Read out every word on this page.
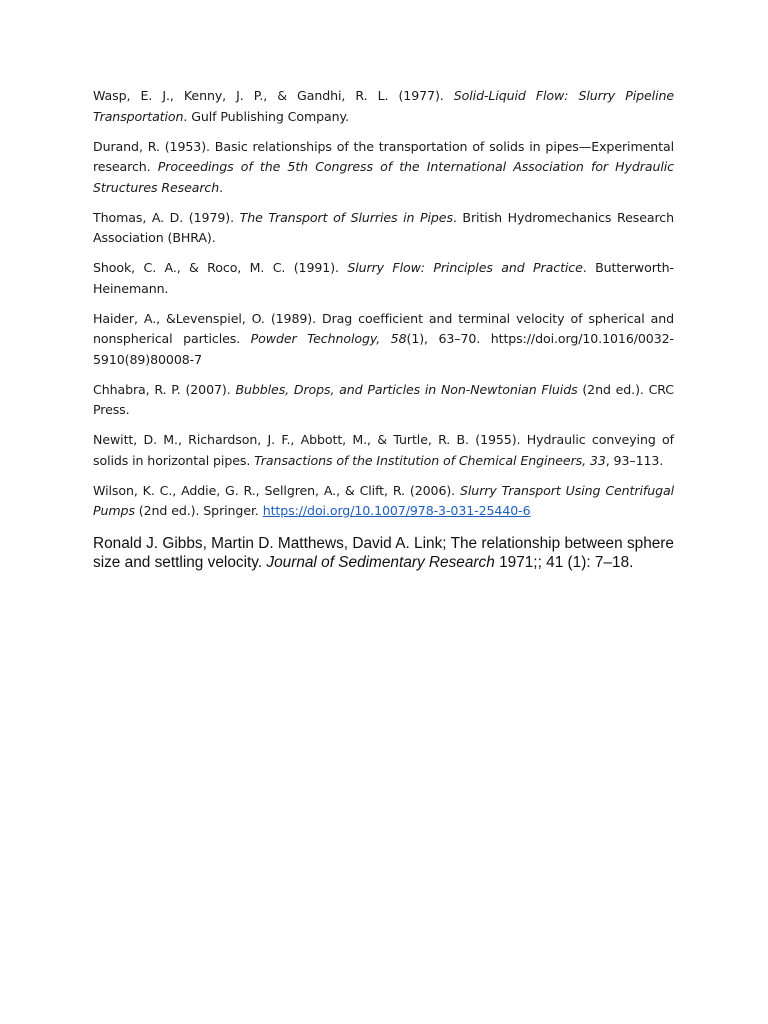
Wasp, E. J., Kenny, J. P., & Gandhi, R. L. (1977). Solid-Liquid Flow: Slurry Pipeline Transportation. Gulf Publishing Company.

Durand, R. (1953). Basic relationships of the transportation of solids in pipes—Experimental research. Proceedings of the 5th Congress of the International Association for Hydraulic Structures Research.

Thomas, A. D. (1979). The Transport of Slurries in Pipes. British Hydromechanics Research Association (BHRA).

Shook, C. A., & Roco, M. C. (1991). Slurry Flow: Principles and Practice. Butterworth-Heinemann.

Haider, A., &Levenspiel, O. (1989). Drag coefficient and terminal velocity of spherical and nonspherical particles. Powder Technology, 58(1), 63–70. https://doi.org/10.1016/0032-5910(89)80008-7

Chhabra, R. P. (2007). Bubbles, Drops, and Particles in Non-Newtonian Fluids (2nd ed.). CRC Press.

Newitt, D. M., Richardson, J. F., Abbott, M., & Turtle, R. B. (1955). Hydraulic conveying of solids in horizontal pipes. Transactions of the Institution of Chemical Engineers, 33, 93–113.

Wilson, K. C., Addie, G. R., Sellgren, A., & Clift, R. (2006). Slurry Transport Using Centrifugal Pumps (2nd ed.). Springer. https://doi.org/10.1007/978-3-031-25440-6

Ronald J. Gibbs, Martin D. Matthews, David A. Link; The relationship between sphere size and settling velocity. Journal of Sedimentary Research 1971;; 41 (1): 7–18.
